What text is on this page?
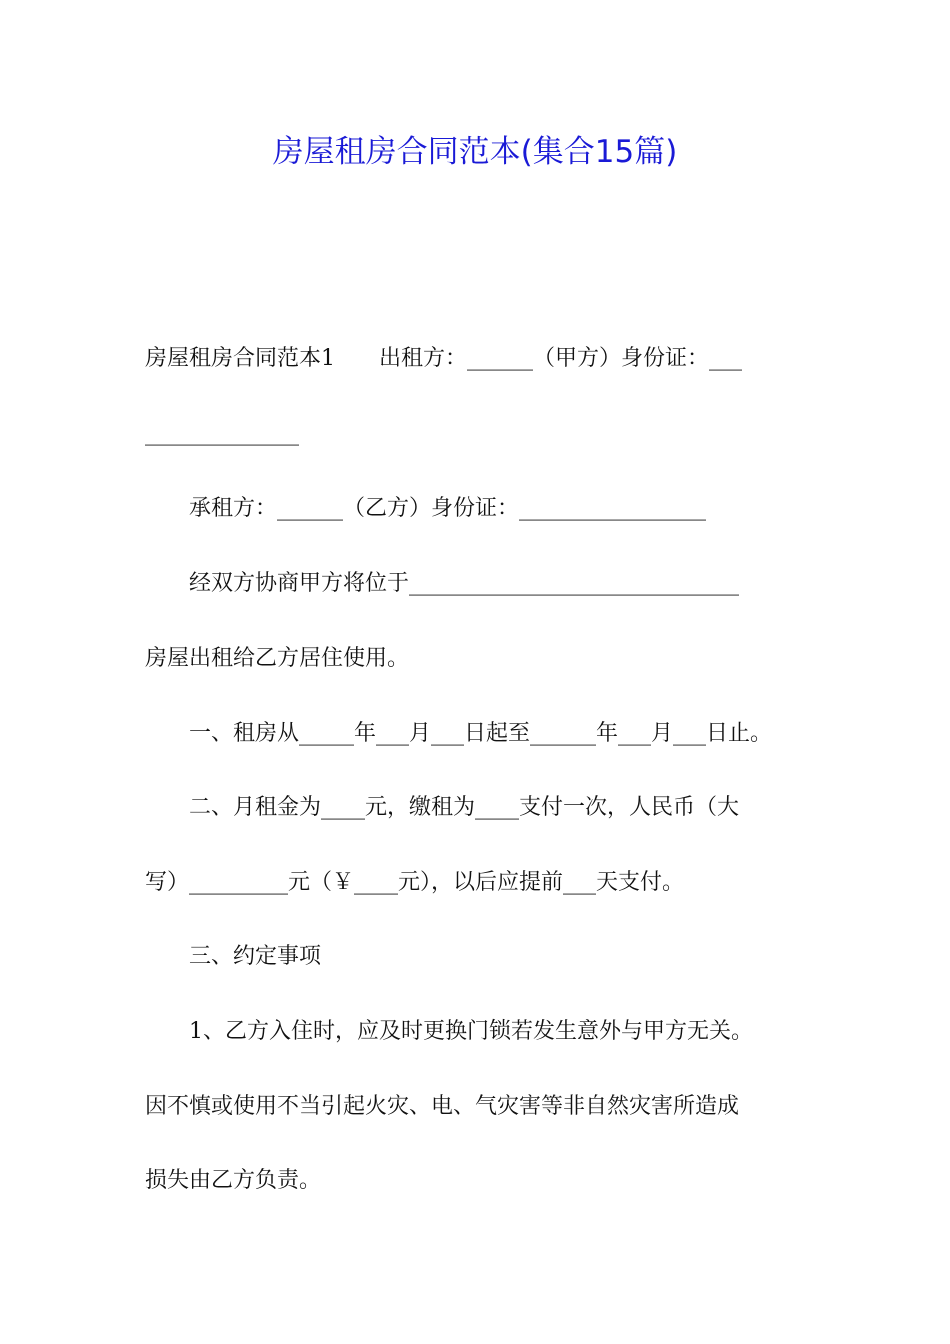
房屋租房合同范本(集合15篇)
房屋租房合同范本1　　出租方：______（甲方）身份证：___
______________
　　承租方：______（乙方）身份证：_________________
　　经双方协商甲方将位于______________________________
房屋出租给乙方居住使用。
　　一、租房从_____年___月___日起至______年___月___日止。
　　二、月租金为____元，缴租为____支付一次，人民币（大
写）_________元（￥____元），以后应提前___天支付。
　　三、约定事项
　　1、乙方入住时，应及时更换门锁若发生意外与甲方无关。
因不慎或使用不当引起火灾、电、气灾害等非自然灾害所造成
损失由乙方负责。
